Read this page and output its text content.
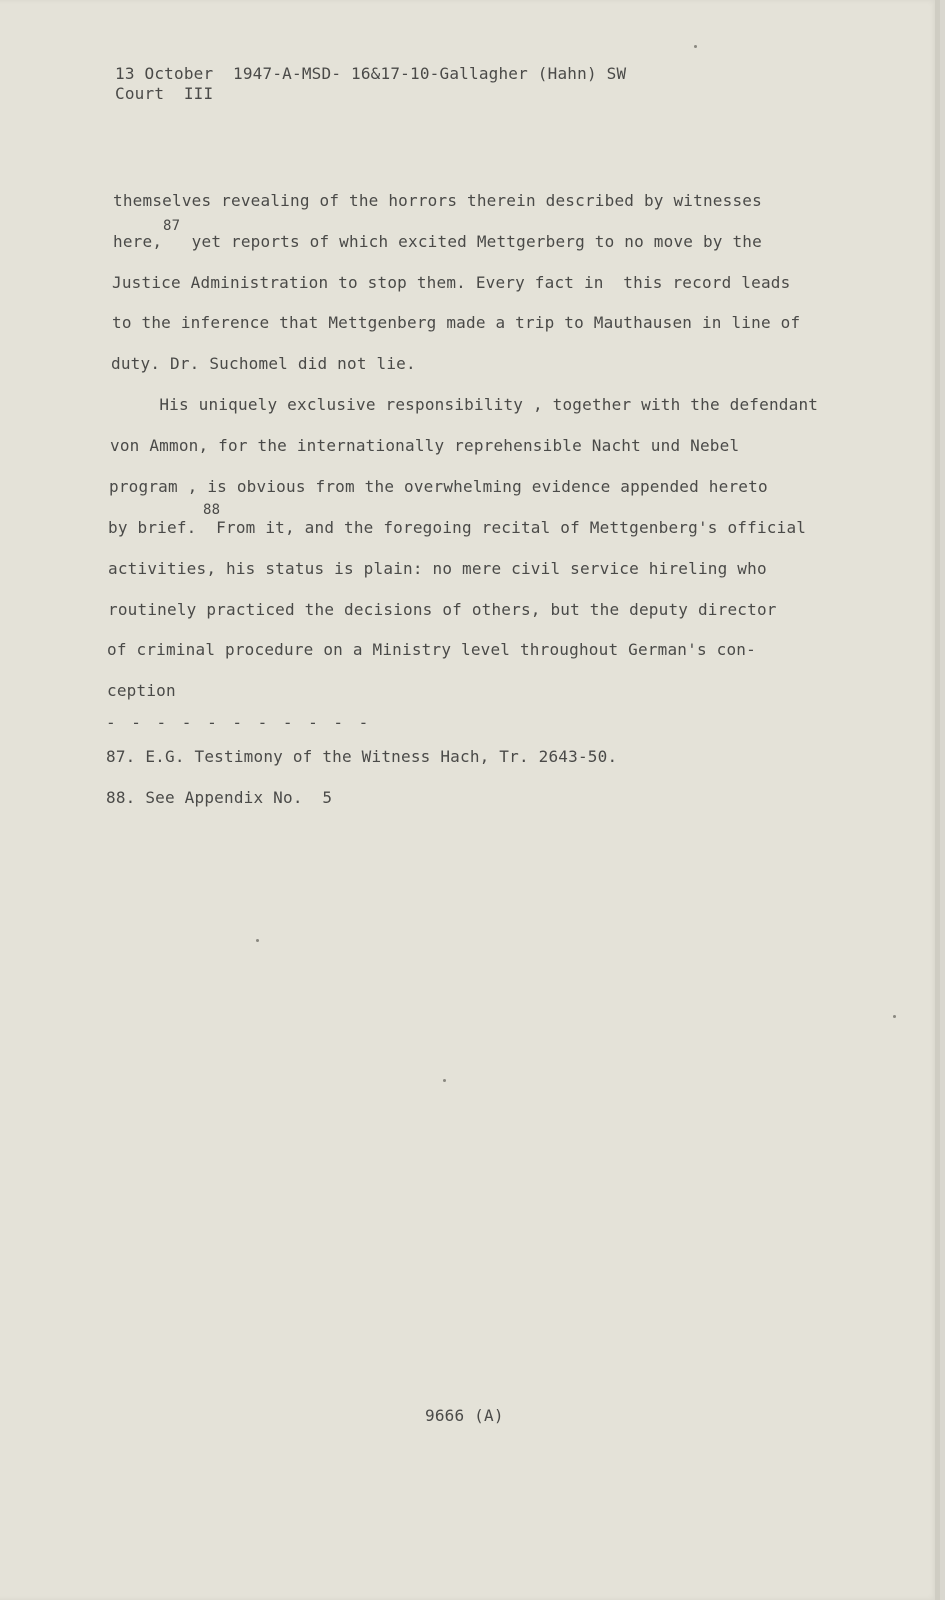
13 October  1947-A-MSD- 16&17-10-Gallagher (Hahn) SW
Court  III
themselves revealing of the horrors therein described by witnesses
here,   yet reports of which excited Mettgerberg to no move by the
87
Justice Administration to stop them. Every fact in  this record leads
to the inference that Mettgenberg made a trip to Mauthausen in line of
duty. Dr. Suchomel did not lie.
His uniquely exclusive responsibility , together with the defendant
von Ammon, for the internationally reprehensible Nacht und Nebel
program , is obvious from the overwhelming evidence appended hereto
88
by brief.  From it, and the foregoing recital of Mettgenberg's official
activities, his status is plain: no mere civil service hireling who
routinely practiced the decisions of others, but the deputy director
of criminal procedure on a Ministry level throughout German's con-
ception
- - - - - - - - - - -
87. E.G. Testimony of the Witness Hach, Tr. 2643-50.
88. See Appendix No.  5
9666 (A)
